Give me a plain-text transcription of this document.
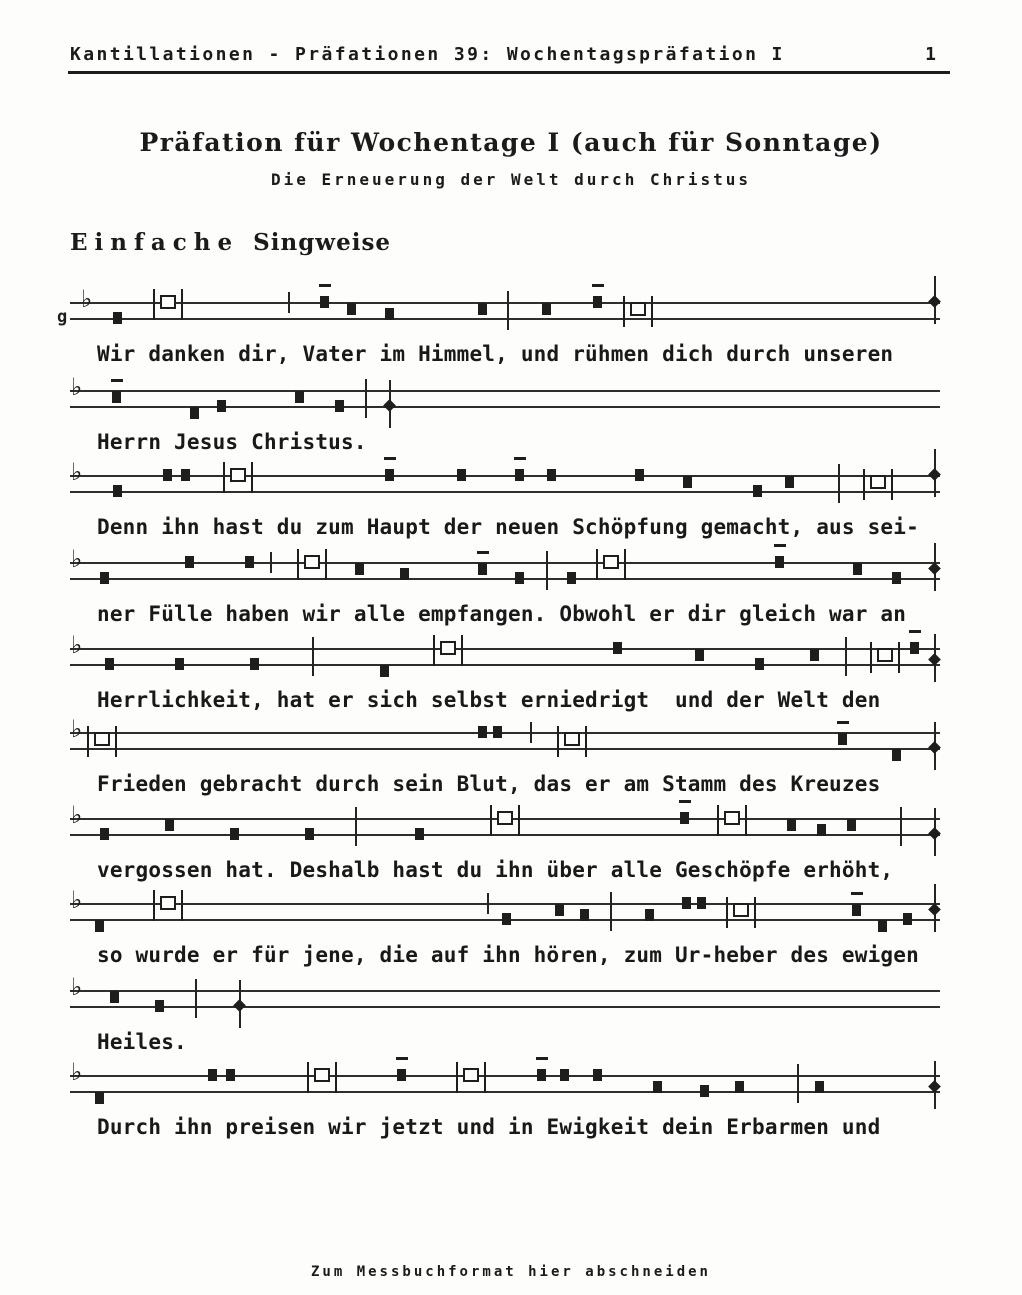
Kantillationen - Präfationen 39: Wochentagspräfation I	1
Präfation für Wochentage I (auch für Sonntage)
Die Erneuerung der Welt durch Christus
Einfache Singweise
♭
g
Wir danken dir, Vater im Himmel, und rühmen dich durch unseren
♭
Herrn Jesus Christus.
♭
Denn ihn hast du zum Haupt der neuen Schöpfung gemacht, aus sei-
♭
ner Fülle haben wir alle empfangen. Obwohl er dir gleich war an
♭
Herrlichkeit, hat er sich selbst erniedrigt  und der Welt den
♭
Frieden gebracht durch sein Blut, das er am Stamm des Kreuzes
♭
vergossen hat. Deshalb hast du ihn über alle Geschöpfe erhöht,
♭
so wurde er für jene, die auf ihn hören, zum Ur-heber des ewigen
♭
Heiles.
♭
Durch ihn preisen wir jetzt und in Ewigkeit dein Erbarmen und
Zum Messbuchformat hier abschneiden
